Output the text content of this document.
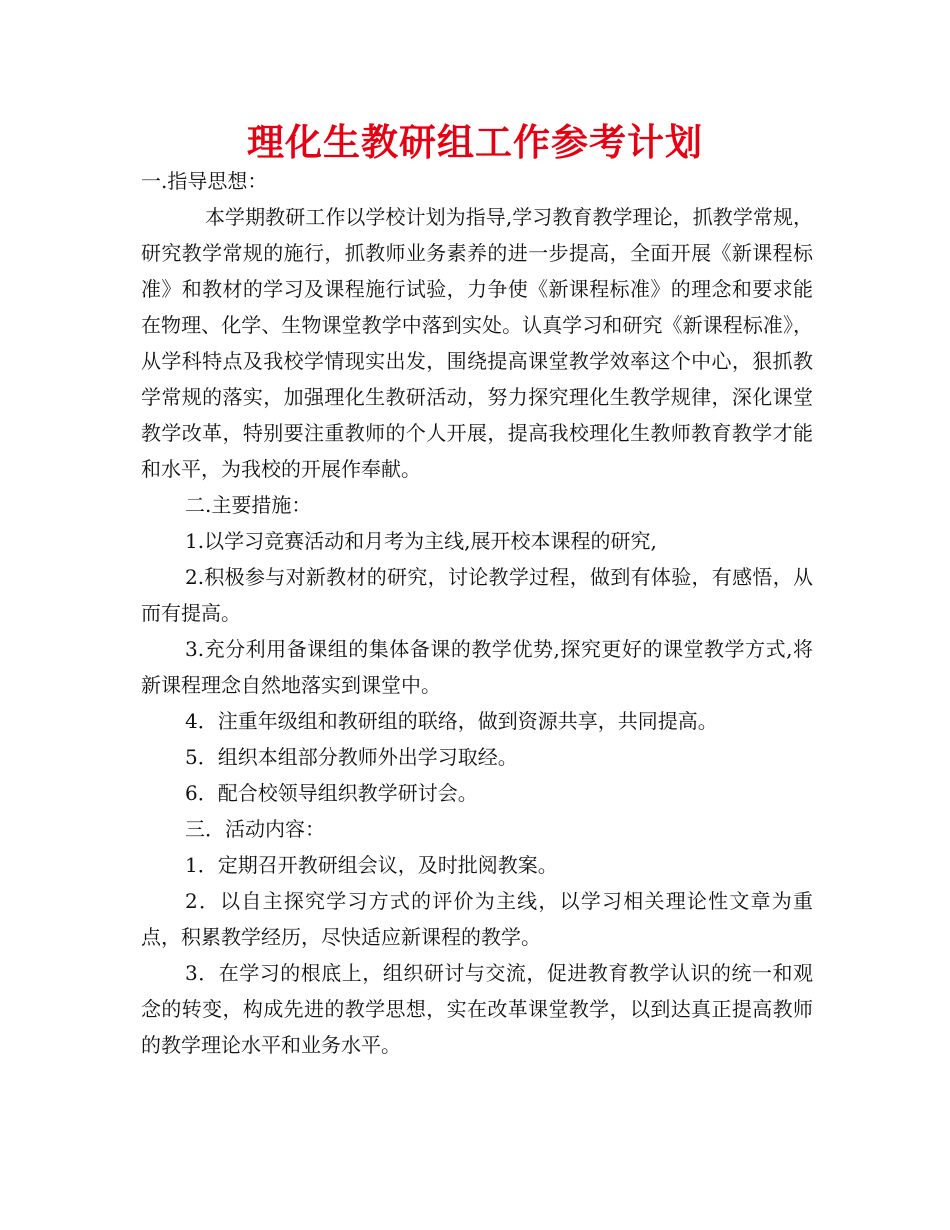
理化生教研组工作参考计划

一.指导思想：

本学期教研工作以学校计划为指导,学习教育教学理论，抓教学常规，研究教学常规的施行，抓教师业务素养的进一步提高，全面开展《新课程标准》和教材的学习及课程施行试验，力争使《新课程标准》的理念和要求能在物理、化学、生物课堂教学中落到实处。认真学习和研究《新课程标准》，从学科特点及我校学情现实出发，围绕提高课堂教学效率这个中心，狠抓教学常规的落实，加强理化生教研活动，努力探究理化生教学规律，深化课堂教学改革，特别要注重教师的个人开展，提高我校理化生教师教育教学才能和水平，为我校的开展作奉献。

二.主要措施：

1.以学习竞赛活动和月考为主线,展开校本课程的研究,

2.积极参与对新教材的研究，讨论教学过程，做到有体验，有感悟，从而有提高。

3.充分利用备课组的集体备课的教学优势,探究更好的课堂教学方式,将新课程理念自然地落实到课堂中。

4．注重年级组和教研组的联络，做到资源共享，共同提高。

5．组织本组部分教师外出学习取经。

6．配合校领导组织教学研讨会。

三．活动内容：

1．定期召开教研组会议，及时批阅教案。

2．以自主探究学习方式的评价为主线，以学习相关理论性文章为重点，积累教学经历，尽快适应新课程的教学。

3．在学习的根底上，组织研讨与交流，促进教育教学认识的统一和观念的转变，构成先进的教学思想，实在改革课堂教学，以到达真正提高教师的教学理论水平和业务水平。
